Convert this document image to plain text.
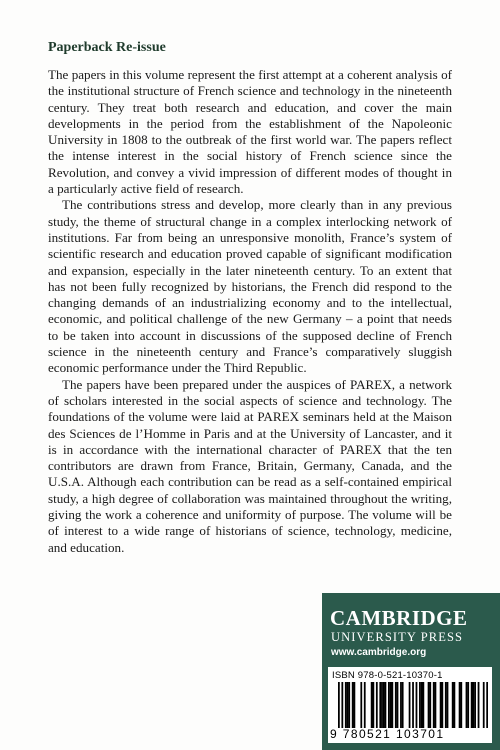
Paperback Re-issue

The papers in this volume represent the first attempt at a coherent analysis of the institutional structure of French science and technology in the nineteenth century. They treat both research and education, and cover the main developments in the period from the establishment of the Napoleonic University in 1808 to the outbreak of the first world war. The papers reflect the intense interest in the social history of French science since the Revolution, and convey a vivid impression of different modes of thought in a particularly active field of research.

The contributions stress and develop, more clearly than in any previous study, the theme of structural change in a complex interlocking network of institutions. Far from being an unresponsive monolith, France’s system of scientific research and education proved capable of significant modification and expansion, especially in the later nineteenth century. To an extent that has not been fully recognized by historians, the French did respond to the changing demands of an industrializing economy and to the intellectual, economic, and political challenge of the new Germany – a point that needs to be taken into account in discussions of the supposed decline of French science in the nineteenth century and France’s comparatively sluggish economic performance under the Third Republic.

The papers have been prepared under the auspices of PAREX, a network of scholars interested in the social aspects of science and technology. The foundations of the volume were laid at PAREX seminars held at the Maison des Sciences de l’Homme in Paris and at the University of Lancaster, and it is in accordance with the international character of PAREX that the ten contributors are drawn from France, Britain, Germany, Canada, and the U.S.A. Although each contribution can be read as a self-contained empirical study, a high degree of collaboration was maintained throughout the writing, giving the work a coherence and uniformity of purpose. The volume will be of interest to a wide range of historians of science, technology, medicine, and education.

CAMBRIDGE
UNIVERSITY PRESS
www.cambridge.org
ISBN 978-0-521-10370-1
9 780521 103701
